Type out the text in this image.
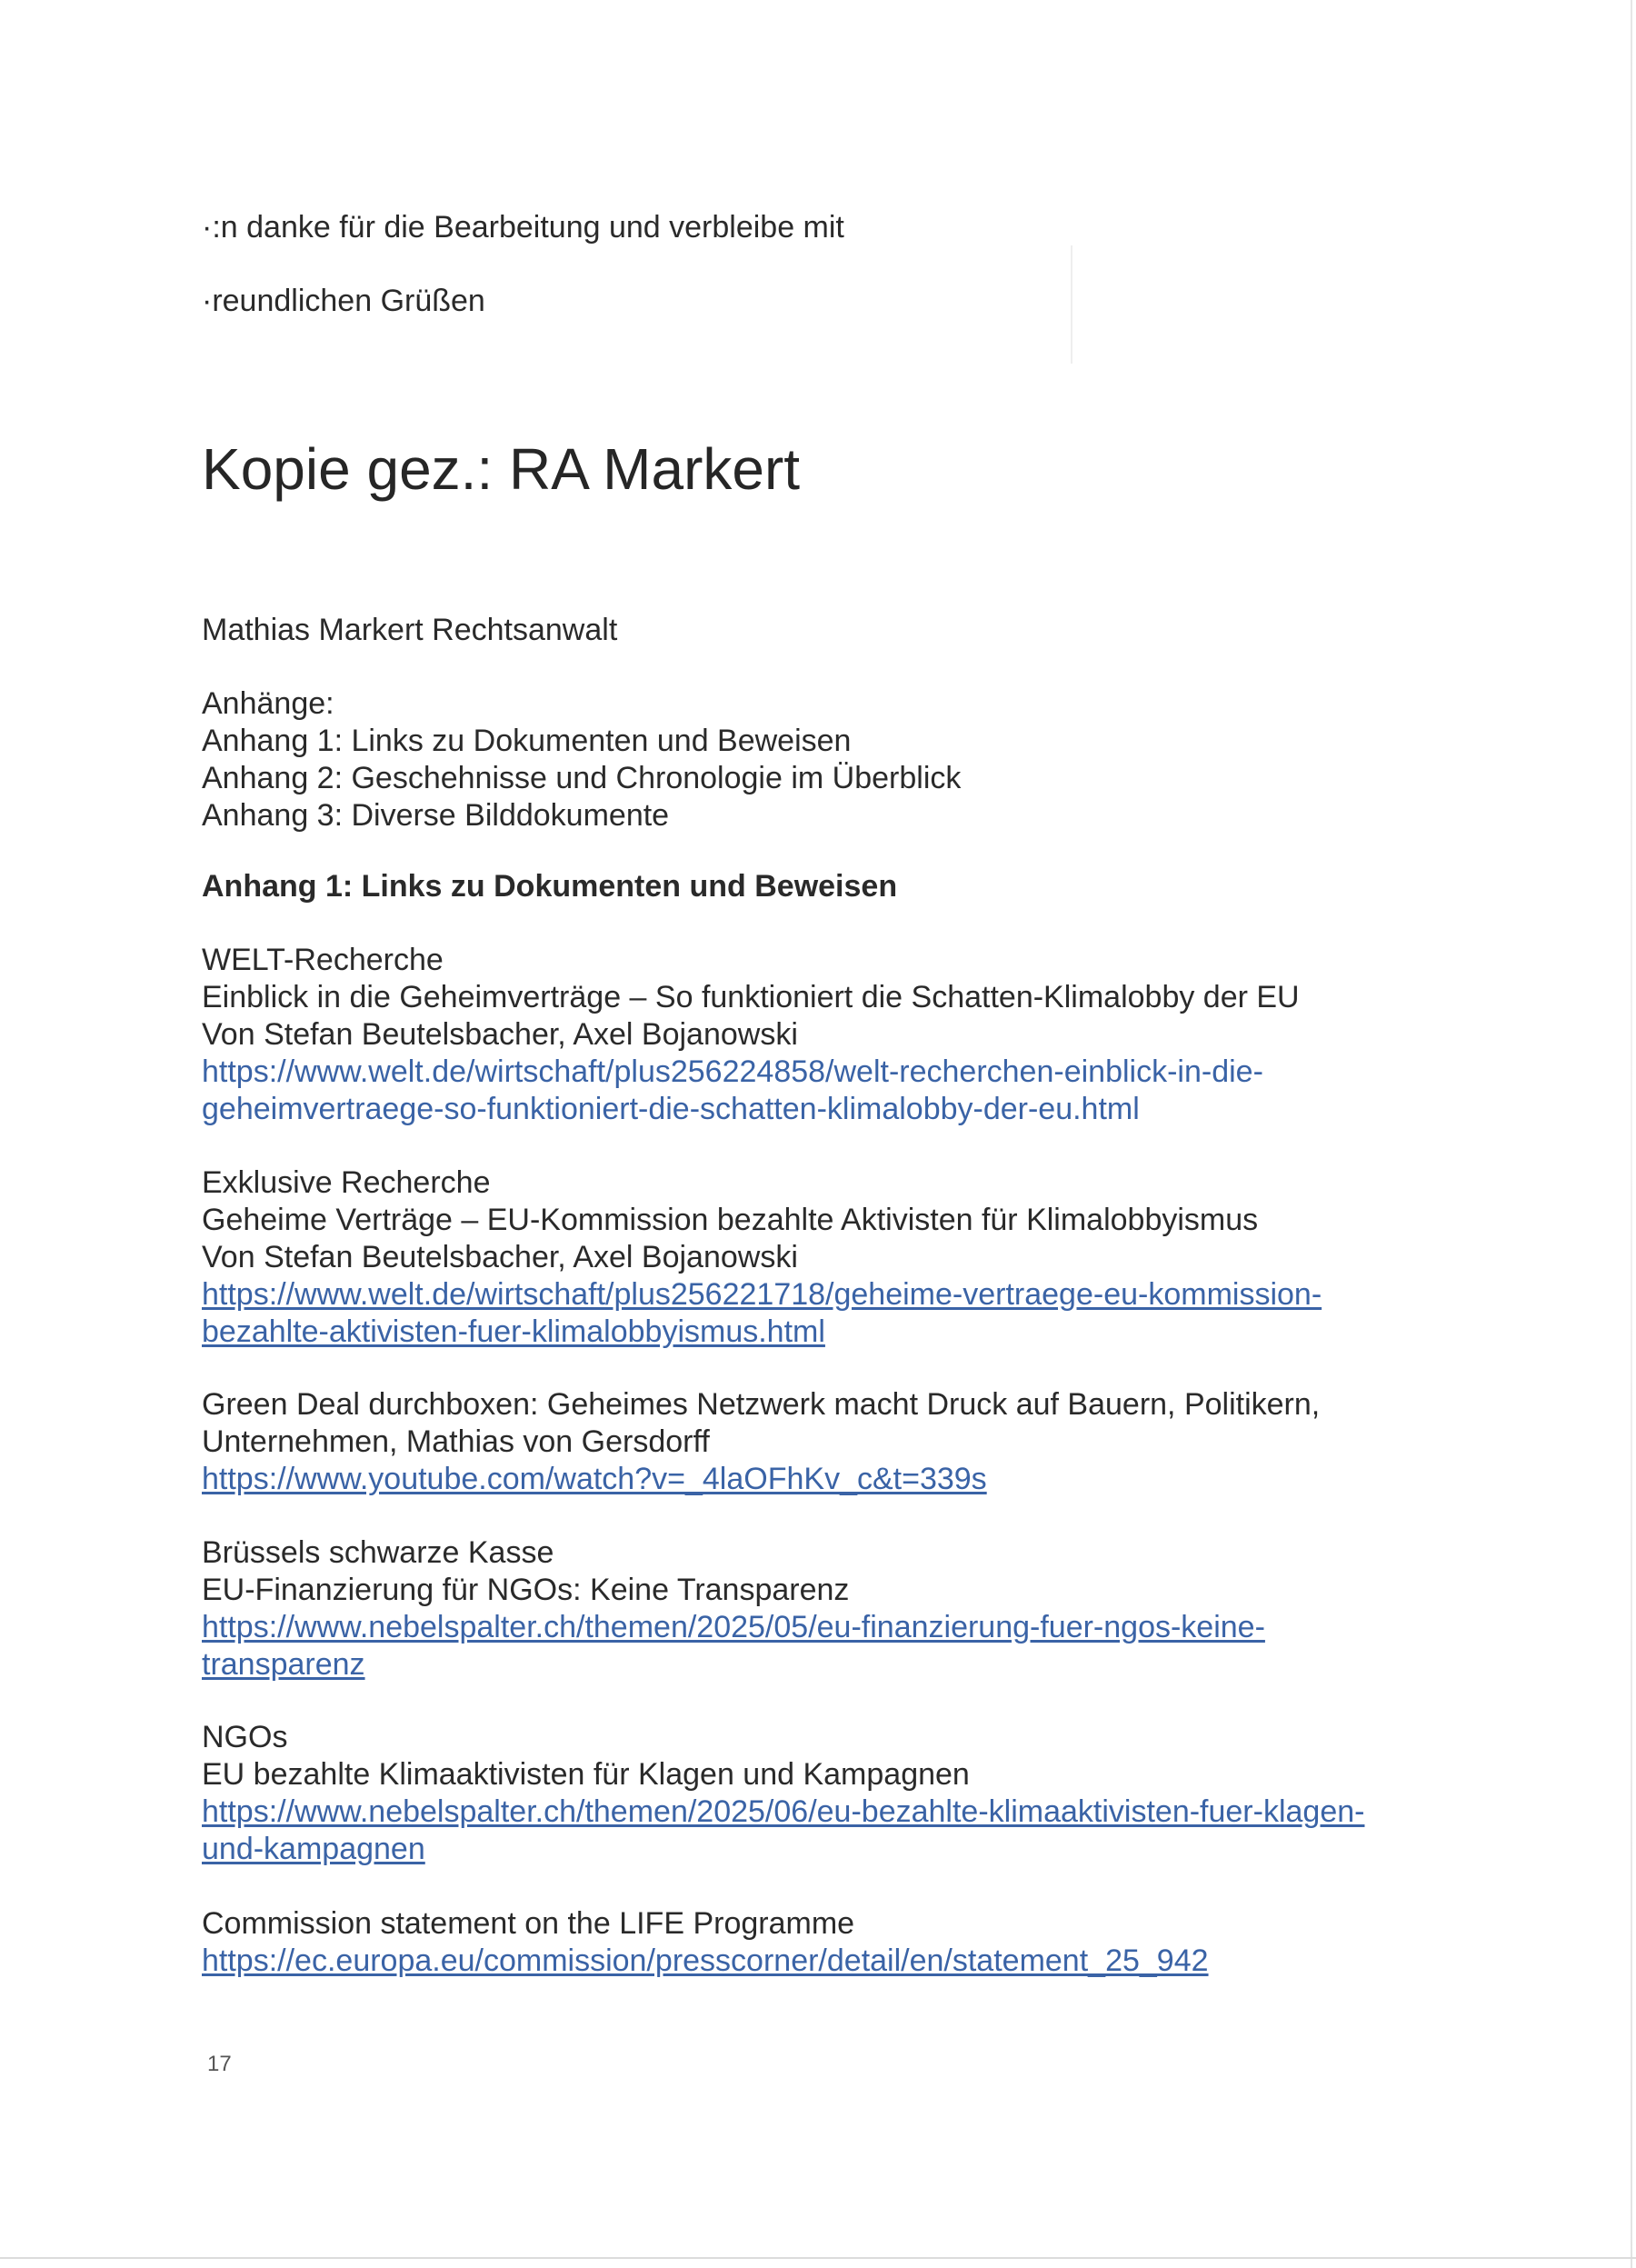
·:n danke für die Bearbeitung und verbleibe mit
·reundlichen Grüßen
Kopie gez.: RA Markert
Mathias Markert Rechtsanwalt
Anhänge:
Anhang 1: Links zu Dokumenten und Beweisen
Anhang 2: Geschehnisse und Chronologie im Überblick
Anhang 3: Diverse Bilddokumente
Anhang 1: Links zu Dokumenten und Beweisen
WELT-Recherche
Einblick in die Geheimverträge – So funktioniert die Schatten-Klimalobby der EU
Von Stefan Beutelsbacher, Axel Bojanowski
https://www.welt.de/wirtschaft/plus256224858/welt-recherchen-einblick-in-die-
geheimvertraege-so-funktioniert-die-schatten-klimalobby-der-eu.html
Exklusive Recherche
Geheime Verträge – EU-Kommission bezahlte Aktivisten für Klimalobbyismus
Von Stefan Beutelsbacher, Axel Bojanowski
https://www.welt.de/wirtschaft/plus256221718/geheime-vertraege-eu-kommission-
bezahlte-aktivisten-fuer-klimalobbyismus.html
Green Deal durchboxen: Geheimes Netzwerk macht Druck auf Bauern, Politikern,
Unternehmen, Mathias von Gersdorff
https://www.youtube.com/watch?v=_4laOFhKv_c&t=339s
Brüssels schwarze Kasse
EU-Finanzierung für NGOs: Keine Transparenz
https://www.nebelspalter.ch/themen/2025/05/eu-finanzierung-fuer-ngos-keine-
transparenz
NGOs
EU bezahlte Klimaaktivisten für Klagen und Kampagnen
https://www.nebelspalter.ch/themen/2025/06/eu-bezahlte-klimaaktivisten-fuer-klagen-
und-kampagnen
Commission statement on the LIFE Programme
https://ec.europa.eu/commission/presscorner/detail/en/statement_25_942
17
